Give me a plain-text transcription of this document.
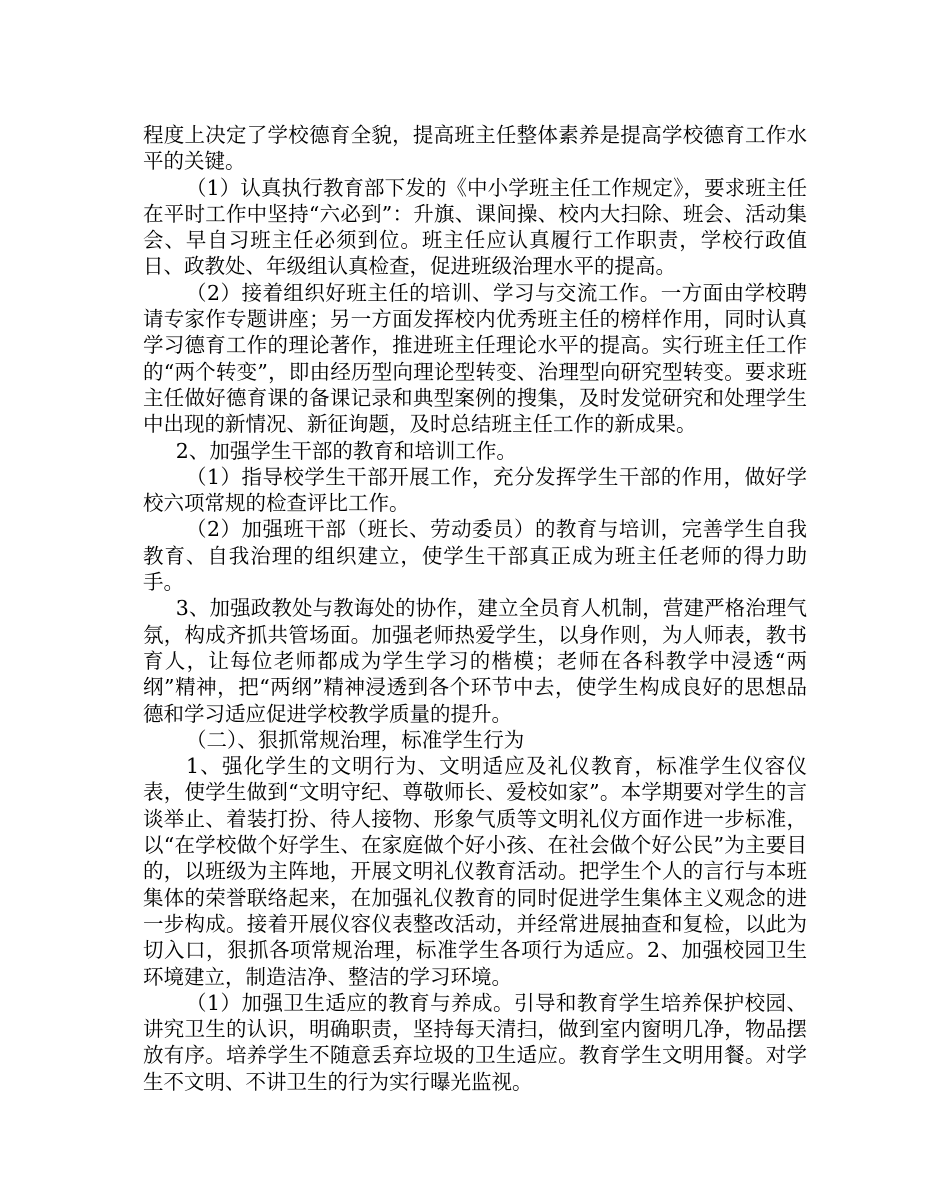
程度上决定了学校德育全貌，提高班主任整体素养是提高学校德育工作水平的关键。

（1）认真执行教育部下发的《中小学班主任工作规定》，要求班主任在平时工作中坚持“六必到”：升旗、课间操、校内大扫除、班会、活动集会、早自习班主任必须到位。班主任应认真履行工作职责，学校行政值日、政教处、年级组认真检查，促进班级治理水平的提高。

（2）接着组织好班主任的培训、学习与交流工作。一方面由学校聘请专家作专题讲座；另一方面发挥校内优秀班主任的榜样作用，同时认真学习德育工作的理论著作，推进班主任理论水平的提高。实行班主任工作的“两个转变”，即由经历型向理论型转变、治理型向研究型转变。要求班主任做好德育课的备课记录和典型案例的搜集，及时发觉研究和处理学生中出现的新情况、新征询题，及时总结班主任工作的新成果。

2、加强学生干部的教育和培训工作。

（1）指导校学生干部开展工作，充分发挥学生干部的作用，做好学校六项常规的检查评比工作。

（2）加强班干部（班长、劳动委员）的教育与培训，完善学生自我教育、自我治理的组织建立，使学生干部真正成为班主任老师的得力助手。

3、加强政教处与教诲处的协作，建立全员育人机制，营建严格治理气氛，构成齐抓共管场面。加强老师热爱学生，以身作则，为人师表，教书育人，让每位老师都成为学生学习的楷模；老师在各科教学中浸透“两纲”精神，把“两纲”精神浸透到各个环节中去，使学生构成良好的思想品德和学习适应促进学校教学质量的提升。

（二）、狠抓常规治理，标准学生行为

1、强化学生的文明行为、文明适应及礼仪教育，标准学生仪容仪表，使学生做到“文明守纪、尊敬师长、爱校如家”。本学期要对学生的言谈举止、着装打扮、待人接物、形象气质等文明礼仪方面作进一步标准，以“在学校做个好学生、在家庭做个好小孩、在社会做个好公民”为主要目的，以班级为主阵地，开展文明礼仪教育活动。把学生个人的言行与本班集体的荣誉联络起来，在加强礼仪教育的同时促进学生集体主义观念的进一步构成。接着开展仪容仪表整改活动，并经常进展抽查和复检，以此为切入口，狠抓各项常规治理，标准学生各项行为适应。2、加强校园卫生环境建立，制造洁净、整洁的学习环境。

（1）加强卫生适应的教育与养成。引导和教育学生培养保护校园、讲究卫生的认识，明确职责，坚持每天清扫，做到室内窗明几净，物品摆放有序。培养学生不随意丢弃垃圾的卫生适应。教育学生文明用餐。对学生不文明、不讲卫生的行为实行曝光监视。
